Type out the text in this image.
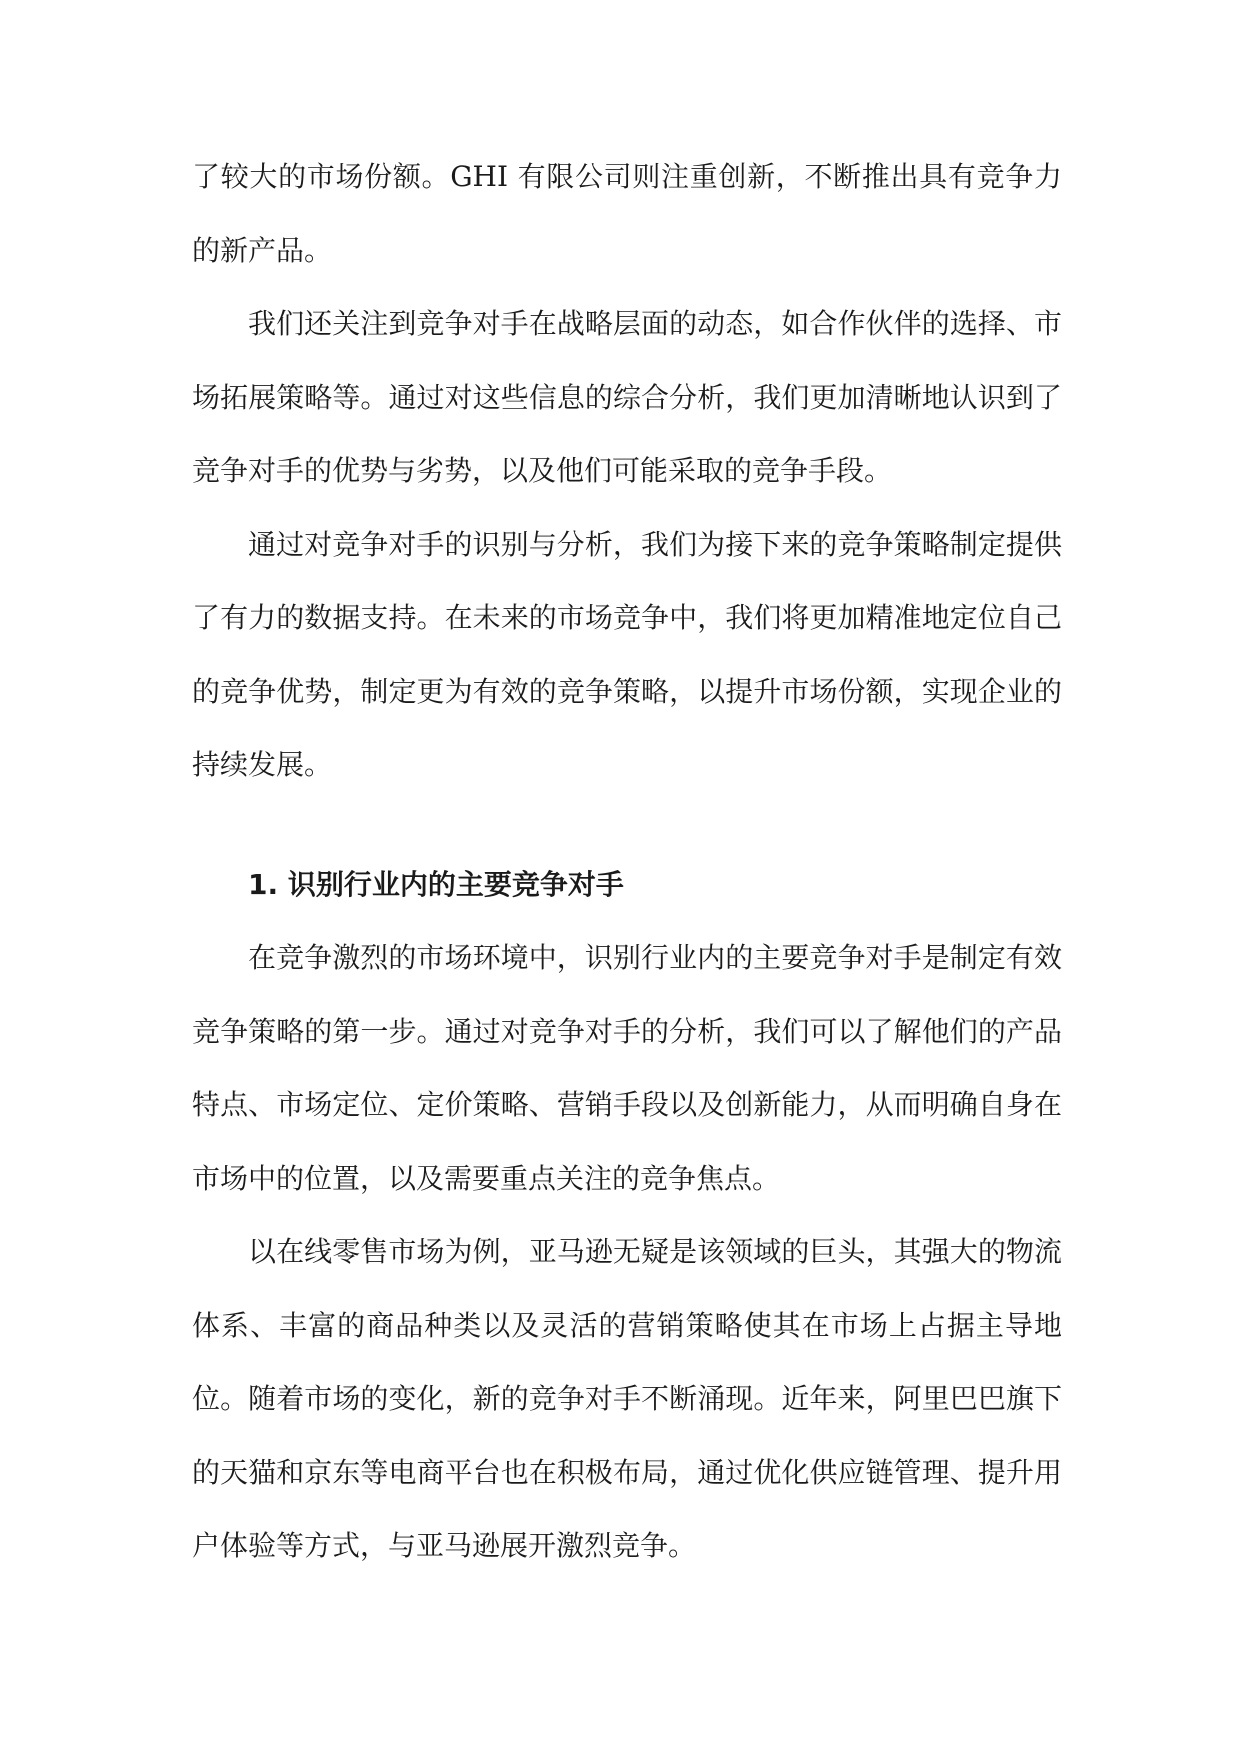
了较大的市场份额。GHI 有限公司则注重创新，不断推出具有竞争力的新产品。

我们还关注到竞争对手在战略层面的动态，如合作伙伴的选择、市场拓展策略等。通过对这些信息的综合分析，我们更加清晰地认识到了竞争对手的优势与劣势，以及他们可能采取的竞争手段。

通过对竞争对手的识别与分析，我们为接下来的竞争策略制定提供了有力的数据支持。在未来的市场竞争中，我们将更加精准地定位自己的竞争优势，制定更为有效的竞争策略，以提升市场份额，实现企业的持续发展。

1. 识别行业内的主要竞争对手

在竞争激烈的市场环境中，识别行业内的主要竞争对手是制定有效竞争策略的第一步。通过对竞争对手的分析，我们可以了解他们的产品特点、市场定位、定价策略、营销手段以及创新能力，从而明确自身在市场中的位置，以及需要重点关注的竞争焦点。

以在线零售市场为例，亚马逊无疑是该领域的巨头，其强大的物流体系、丰富的商品种类以及灵活的营销策略使其在市场上占据主导地位。随着市场的变化，新的竞争对手不断涌现。近年来，阿里巴巴旗下的天猫和京东等电商平台也在积极布局，通过优化供应链管理、提升用户体验等方式，与亚马逊展开激烈竞争。
